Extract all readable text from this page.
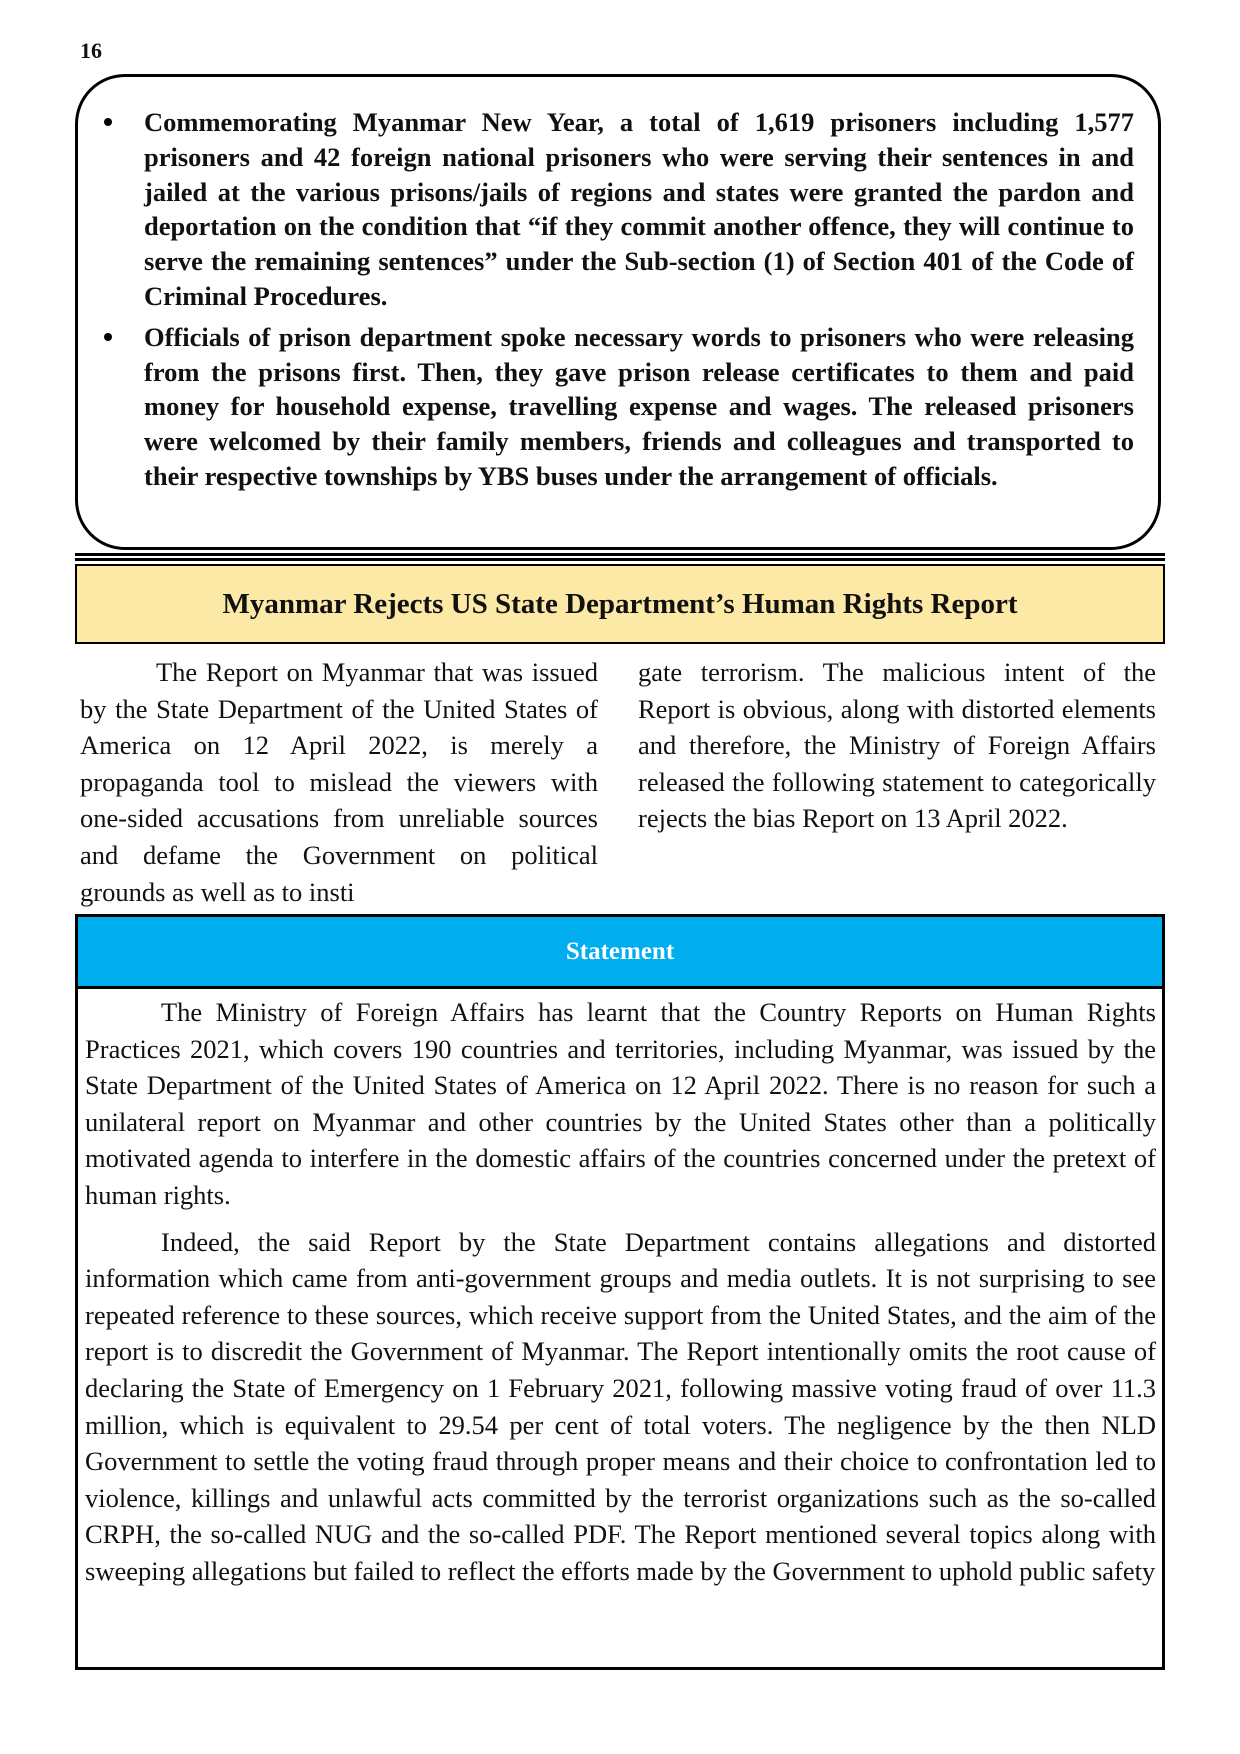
16
Commemorating Myanmar New Year, a total of 1,619 prisoners including 1,577 prisoners and 42 foreign national prisoners who were serving their sentences in and jailed at the various prisons/jails of regions and states were granted the pardon and deportation on the condition that “if they commit another offence, they will continue to serve the remaining sentences” under the Sub-section (1) of Section 401 of the Code of Criminal Procedures.
Officials of prison department spoke necessary words to prisoners who were releasing from the prisons first. Then, they gave prison release certificates to them and paid money for household expense, travelling expense and wages. The released prisoners were welcomed by their family members, friends and colleagues and transported to their respective townships by YBS buses under the arrangement of officials.
Myanmar Rejects US State Department’s Human Rights Report
The Report on Myanmar that was issued by the State Department of the United States of America on 12 April 2022, is merely a propaganda tool to mislead the viewers with one-sided accusations from unreliable sources and defame the Government on political grounds as well as to insti
gate terrorism. The malicious intent of the Report is obvious, along with distorted elements and therefore, the Ministry of Foreign Affairs released the following statement to categorically rejects the bias Report on 13 April 2022.
Statement

The Ministry of Foreign Affairs has learnt that the Country Reports on Human Rights Practices 2021, which covers 190 countries and territories, including Myanmar, was issued by the State Department of the United States of America on 12 April 2022. There is no reason for such a unilateral report on Myanmar and other countries by the United States other than a politically motivated agenda to interfere in the domestic affairs of the countries concerned under the pretext of human rights.

Indeed, the said Report by the State Department contains allegations and distorted information which came from anti-government groups and media outlets. It is not surprising to see repeated reference to these sources, which receive support from the United States, and the aim of the report is to discredit the Government of Myanmar. The Report intentionally omits the root cause of declaring the State of Emergency on 1 February 2021, following massive voting fraud of over 11.3 million, which is equivalent to 29.54 per cent of total voters. The negligence by the then NLD Government to settle the voting fraud through proper means and their choice to confrontation led to violence, killings and unlawful acts committed by the terrorist organizations such as the so-called CRPH, the so-called NUG and the so-called PDF. The Report mentioned several topics along with sweeping allegations but failed to reflect the efforts made by the Government to uphold public safety
